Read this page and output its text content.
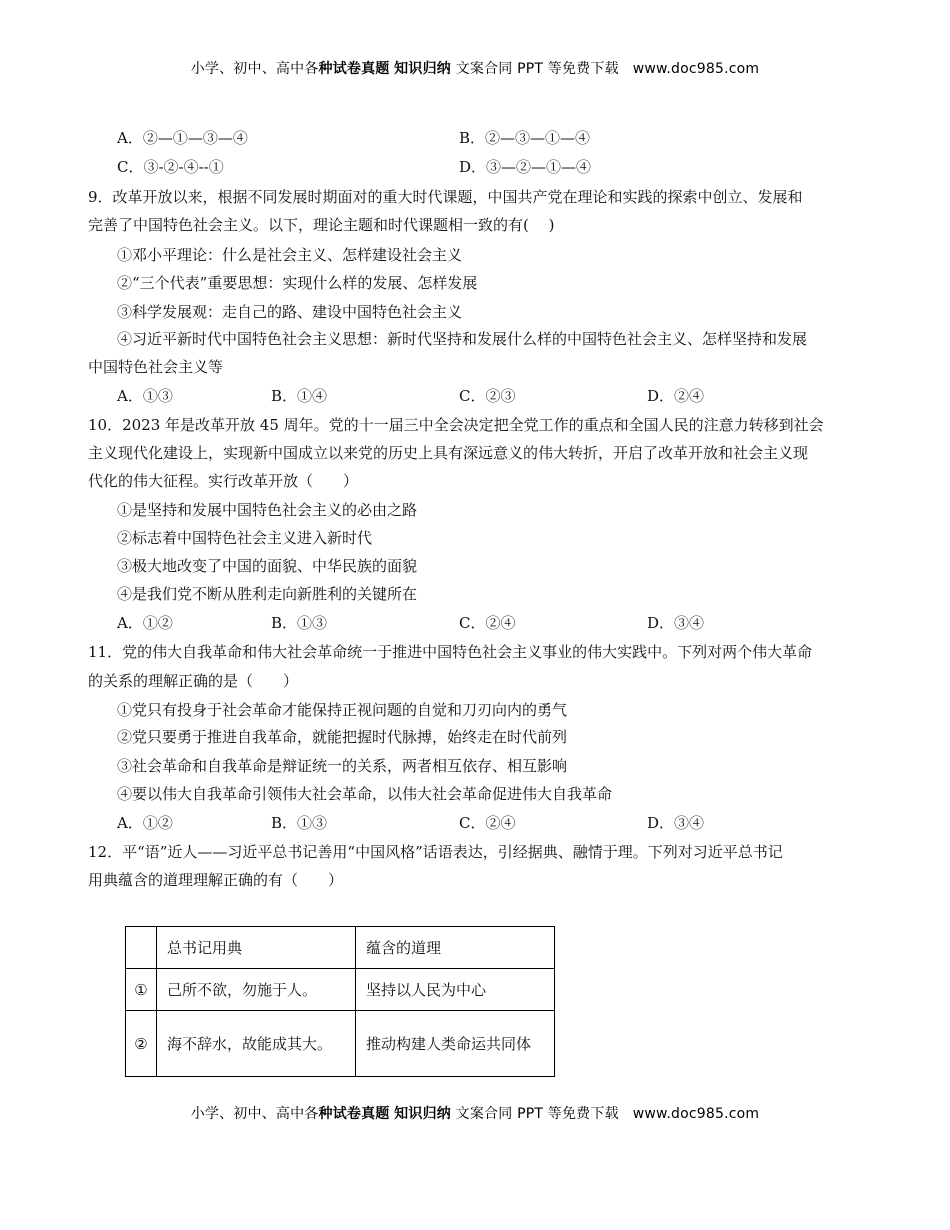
小学、初中、高中各种试卷真题 知识归纳 文案合同 PPT 等免费下载 www.doc985.com
A．②—①—③—④	B．②—③—①—④
C．③-②-④--①	D．③—②—①—④
9．改革开放以来，根据不同发展时期面对的重大时代课题，中国共产党在理论和实践的探索中创立、发展和
完善了中国特色社会主义。以下，理论主题和时代课题相一致的有(　 )
①邓小平理论：什么是社会主义、怎样建设社会主义
②“三个代表”重要思想：实现什么样的发展、怎样发展
③科学发展观：走自己的路、建设中国特色社会主义
④习近平新时代中国特色社会主义思想：新时代坚持和发展什么样的中国特色社会主义、怎样坚持和发展
中国特色社会主义等
A．①③	B．①④	C．②③	D．②④
10．2023 年是改革开放 45 周年。党的十一届三中全会决定把全党工作的重点和全国人民的注意力转移到社会
主义现代化建设上，实现新中国成立以来党的历史上具有深远意义的伟大转折，开启了改革开放和社会主义现
代化的伟大征程。实行改革开放（　　）
①是坚持和发展中国特色社会主义的必由之路
②标志着中国特色社会主义进入新时代
③极大地改变了中国的面貌、中华民族的面貌
④是我们党不断从胜利走向新胜利的关键所在
A．①②	B．①③	C．②④	D．③④
11．党的伟大自我革命和伟大社会革命统一于推进中国特色社会主义事业的伟大实践中。下列对两个伟大革命
的关系的理解正确的是（　　）
①党只有投身于社会革命才能保持正视问题的自觉和刀刃向内的勇气
②党只要勇于推进自我革命，就能把握时代脉搏，始终走在时代前列
③社会革命和自我革命是辩证统一的关系，两者相互依存、相互影响
④要以伟大自我革命引领伟大社会革命，以伟大社会革命促进伟大自我革命
A．①②	B．①③	C．②④	D．③④
12．平“语”近人——习近平总书记善用“中国风格”话语表达，引经据典、融情于理。下列对习近平总书记
用典蕴含的道理理解正确的有（　　）
	总书记用典	蕴含的道理
①	己所不欲，勿施于人。	坚持以人民为中心
②	海不辞水，故能成其大。	推动构建人类命运共同体
小学、初中、高中各种试卷真题 知识归纳 文案合同 PPT 等免费下载 www.doc985.com
